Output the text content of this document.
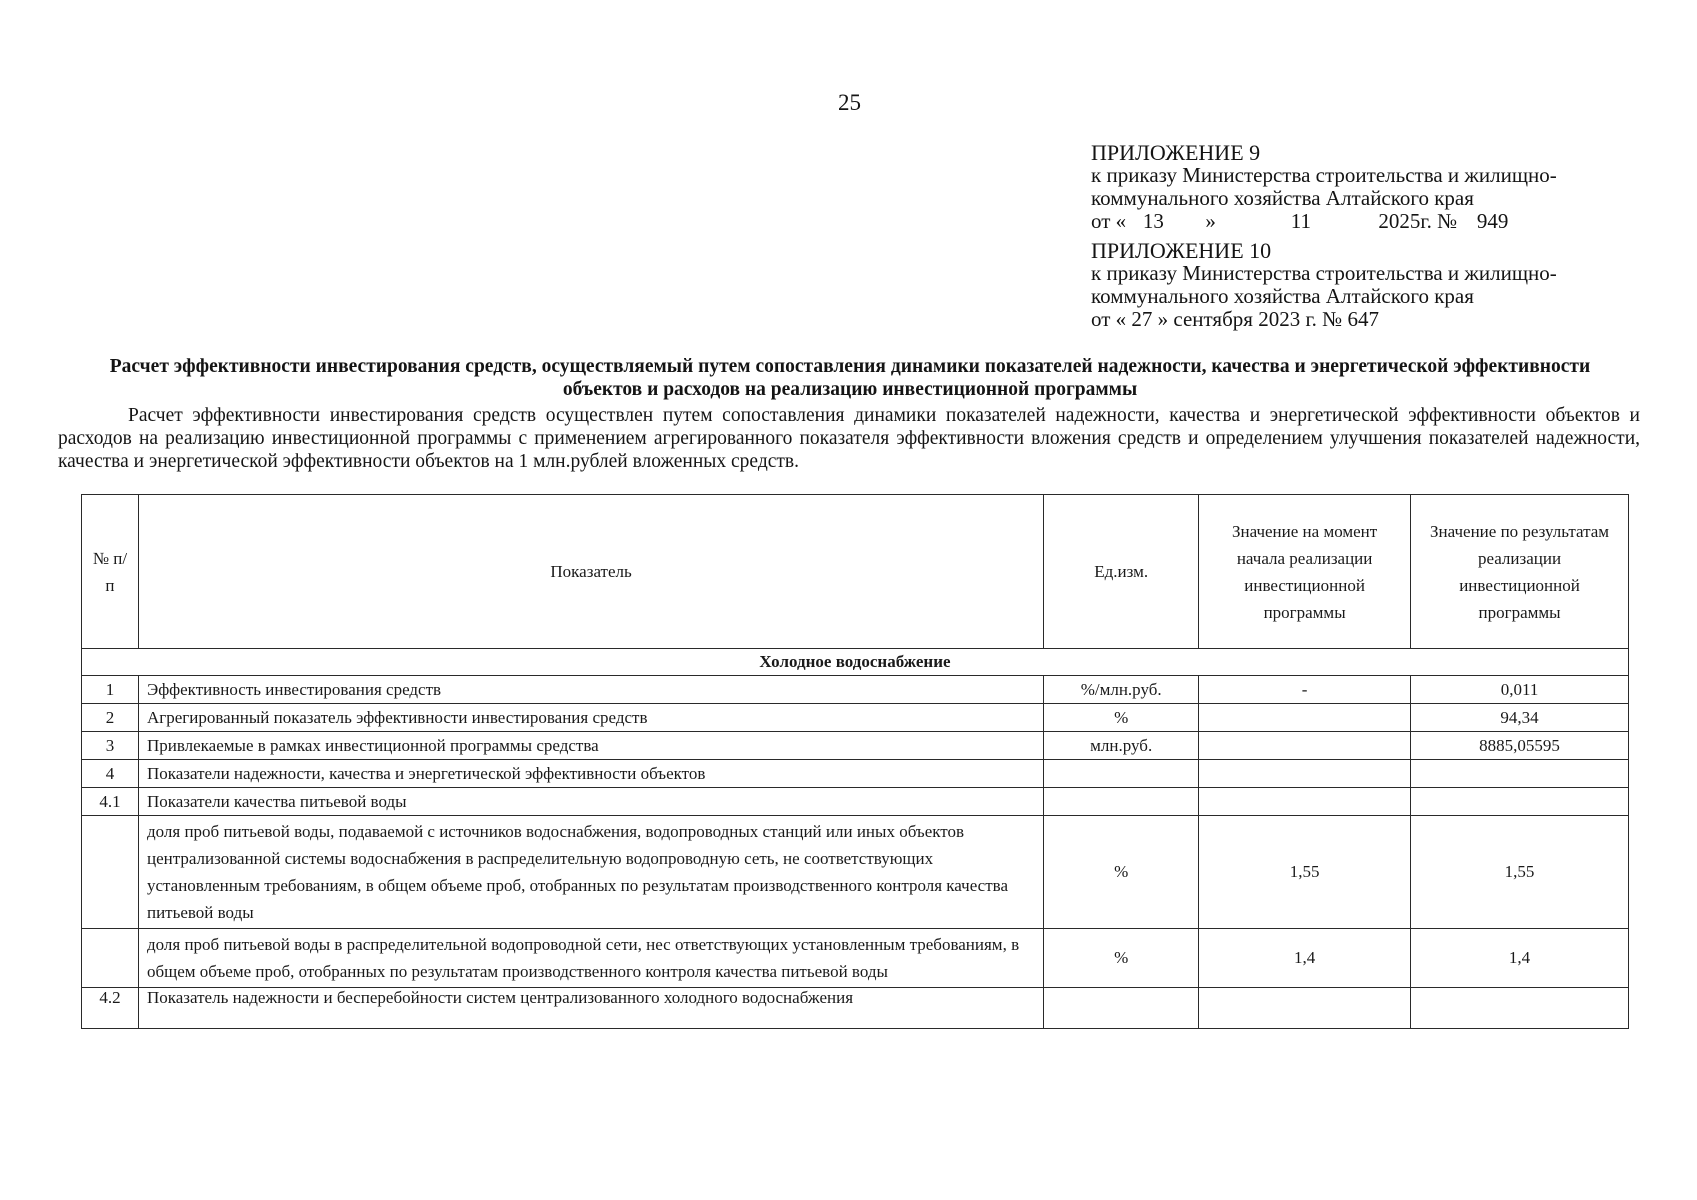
25
ПРИЛОЖЕНИЕ 9
к приказу Министерства строительства и жилищно-
коммунального хозяйства Алтайского края
от « 13 »	11	2025г. № 949
ПРИЛОЖЕНИЕ 10
к приказу Министерства строительства и жилищно-
коммунального хозяйства Алтайского края
от « 27 » сентября 2023 г. № 647
Расчет эффективности инвестирования средств, осуществляемый путем сопоставления динамики показателей надежности, качества и энергетической эффективности объектов и расходов на реализацию инвестиционной программы

Расчет эффективности инвестирования средств осуществлен путем сопоставления динамики показателей надежности, качества и энергетической эффективности объектов и расходов на реализацию инвестиционной программы с применением агрегированного показателя эффективности вложения средств и определением улучшения показателей надежности, качества и энергетической эффективности объектов на 1 млн.рублей вложенных средств.

№ п/п	Показатель	Ед.изм.	Значение на момент начала реализации инвестиционной программы	Значение по результатам реализации инвестиционной программы
Холодное водоснабжение				
1	Эффективность инвестирования средств	%/млн.руб.	-	0,011
2	Агрегированный показатель эффективности инвестирования средств	%		94,34
3	Привлекаемые в рамках инвестиционной программы средства	млн.руб.		8885,05595
4	Показатели надежности, качества и энергетической эффективности объектов			
4.1	Показатели качества питьевой воды			
	доля проб питьевой воды, подаваемой с источников водоснабжения, водопроводных станций или иных объектов централизованной системы водоснабжения в распределительную водопроводную сеть, не соответствующих установленным требованиям, в общем объеме проб, отобранных по результатам производственного контроля качества питьевой воды	%	1,55	1,55
	доля проб питьевой воды в распределительной водопроводной сети, нес ответствующих установленным требованиям, в общем объеме проб, отобранных по результатам производственного контроля качества питьевой воды	%	1,4	1,4
4.2	Показатель надежности и бесперебойности систем централизованного холодного водоснабжения			
